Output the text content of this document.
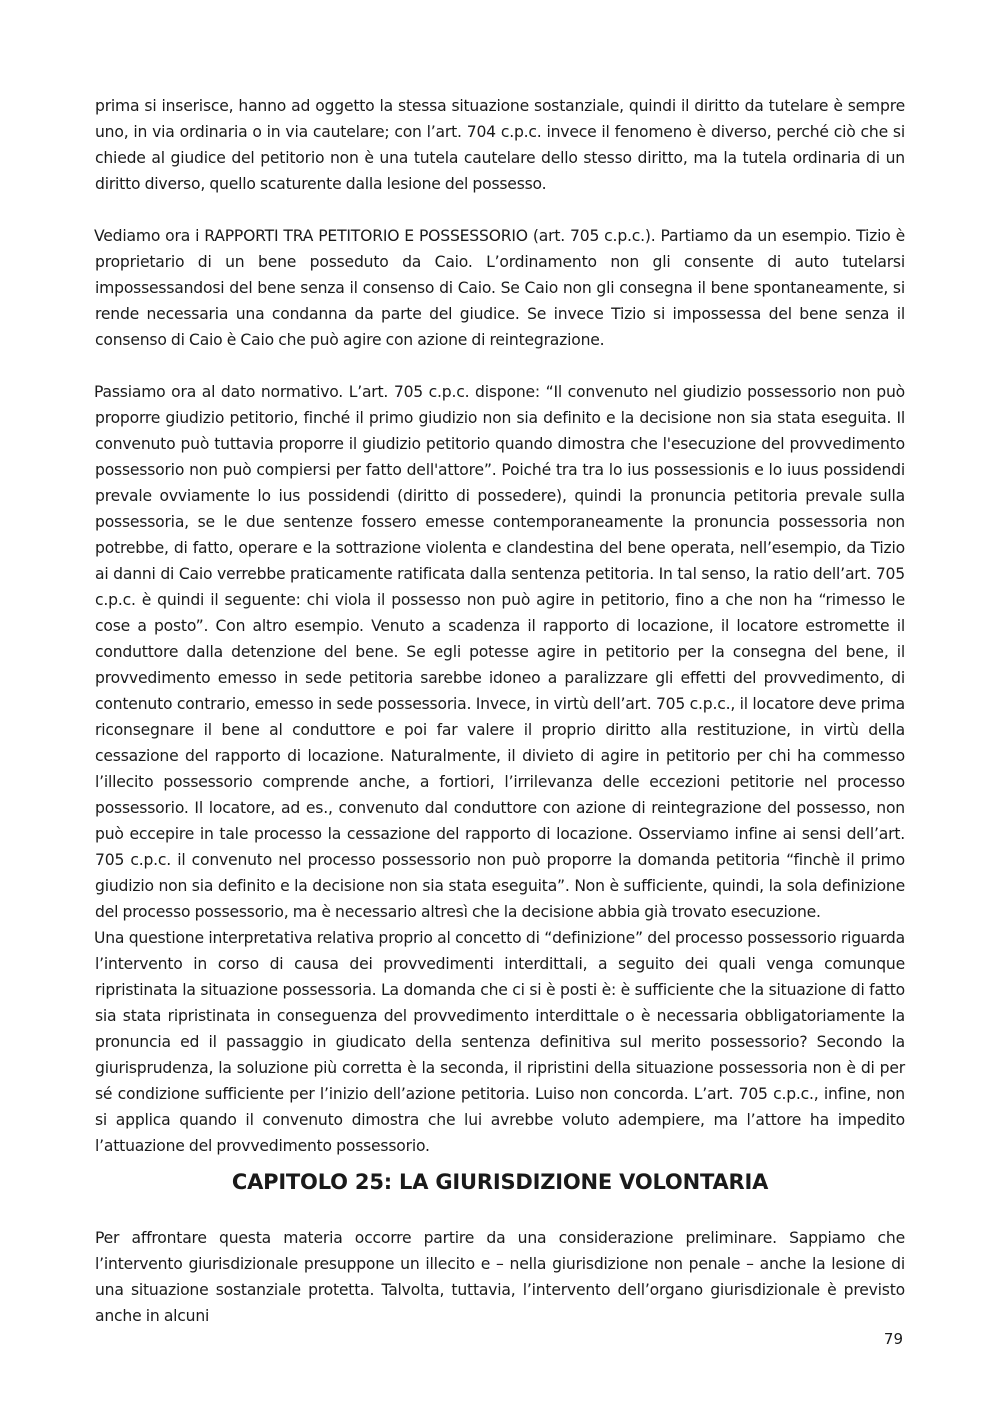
prima si inserisce, hanno ad oggetto la stessa situazione sostanziale, quindi il diritto da tutelare è sempre uno, in via ordinaria o in via cautelare; con l’art. 704 c.p.c. invece il fenomeno è diverso, perché ciò che si chiede al giudice del petitorio non è una tutela cautelare dello stesso diritto, ma la tutela ordinaria di un diritto diverso, quello scaturente dalla lesione del possesso.

Vediamo ora i RAPPORTI TRA PETITORIO E POSSESSORIO (art. 705 c.p.c.). Partiamo da un esempio. Tizio è proprietario di un bene posseduto da Caio. L’ordinamento non gli consente di auto tutelarsi impossessandosi del bene senza il consenso di Caio. Se Caio non gli consegna il bene spontaneamente, si rende necessaria una condanna da parte del giudice. Se invece Tizio si impossessa del bene senza il consenso di Caio è Caio che può agire con azione di reintegrazione.

Passiamo ora al dato normativo. L’art. 705 c.p.c. dispone: “Il convenuto nel giudizio possessorio non può proporre giudizio petitorio, finché il primo giudizio non sia definito e la decisione non sia stata eseguita. Il convenuto può tuttavia proporre il giudizio petitorio quando dimostra che l'esecuzione del provvedimento possessorio non può compiersi per fatto dell'attore”. Poiché tra tra lo ius possessionis e lo iuus possidendi prevale ovviamente lo ius possidendi (diritto di possedere), quindi la pronuncia petitoria prevale sulla possessoria, se le due sentenze fossero emesse contemporaneamente la pronuncia possessoria non potrebbe, di fatto, operare e la sottrazione violenta e clandestina del bene operata, nell’esempio, da Tizio ai danni di Caio verrebbe praticamente ratificata dalla sentenza petitoria. In tal senso, la ratio dell’art. 705 c.p.c. è quindi il seguente: chi viola il possesso non può agire in petitorio, fino a che non ha “rimesso le cose a posto”. Con altro esempio. Venuto a scadenza il rapporto di locazione, il locatore estromette il conduttore dalla detenzione del bene. Se egli potesse agire in petitorio per la consegna del bene, il provvedimento emesso in sede petitoria sarebbe idoneo a paralizzare gli effetti del provvedimento, di contenuto contrario, emesso in sede possessoria. Invece, in virtù dell’art. 705 c.p.c., il locatore deve prima riconsegnare il bene al conduttore e poi far valere il proprio diritto alla restituzione, in virtù della cessazione del rapporto di locazione. Naturalmente, il divieto di agire in petitorio per chi ha commesso l’illecito possessorio comprende anche, a fortiori, l’irrilevanza delle eccezioni petitorie nel processo possessorio. Il locatore, ad es., convenuto dal conduttore con azione di reintegrazione del possesso, non può eccepire in tale processo la cessazione del rapporto di locazione. Osserviamo infine ai sensi dell’art. 705 c.p.c. il convenuto nel processo possessorio non può proporre la domanda petitoria “finchè il primo giudizio non sia definito e la decisione non sia stata eseguita”. Non è sufficiente, quindi, la sola definizione del processo possessorio, ma è necessario altresì che la decisione abbia già trovato esecuzione.

Una questione interpretativa relativa proprio al concetto di “definizione” del processo possessorio riguarda l’intervento in corso di causa dei provvedimenti interdittali, a seguito dei quali venga comunque ripristinata la situazione possessoria. La domanda che ci si è posti è: è sufficiente che la situazione di fatto sia stata ripristinata in conseguenza del provvedimento interdittale o è necessaria obbligatoriamente la pronuncia ed il passaggio in giudicato della sentenza definitiva sul merito possessorio? Secondo la giurisprudenza, la soluzione più corretta è la seconda, il ripristini della situazione possessoria non è di per sé condizione sufficiente per l’inizio dell’azione petitoria. Luiso non concorda. L’art. 705 c.p.c., infine, non si applica quando il convenuto dimostra che lui avrebbe voluto adempiere, ma l’attore ha impedito l’attuazione del provvedimento possessorio.

CAPITOLO 25: LA GIURISDIZIONE VOLONTARIA

Per affrontare questa materia occorre partire da una considerazione preliminare. Sappiamo che l’intervento giurisdizionale presuppone un illecito e – nella giurisdizione non penale – anche la lesione di una situazione sostanziale protetta. Talvolta, tuttavia, l’intervento dell’organo giurisdizionale è previsto anche in alcuni

79
